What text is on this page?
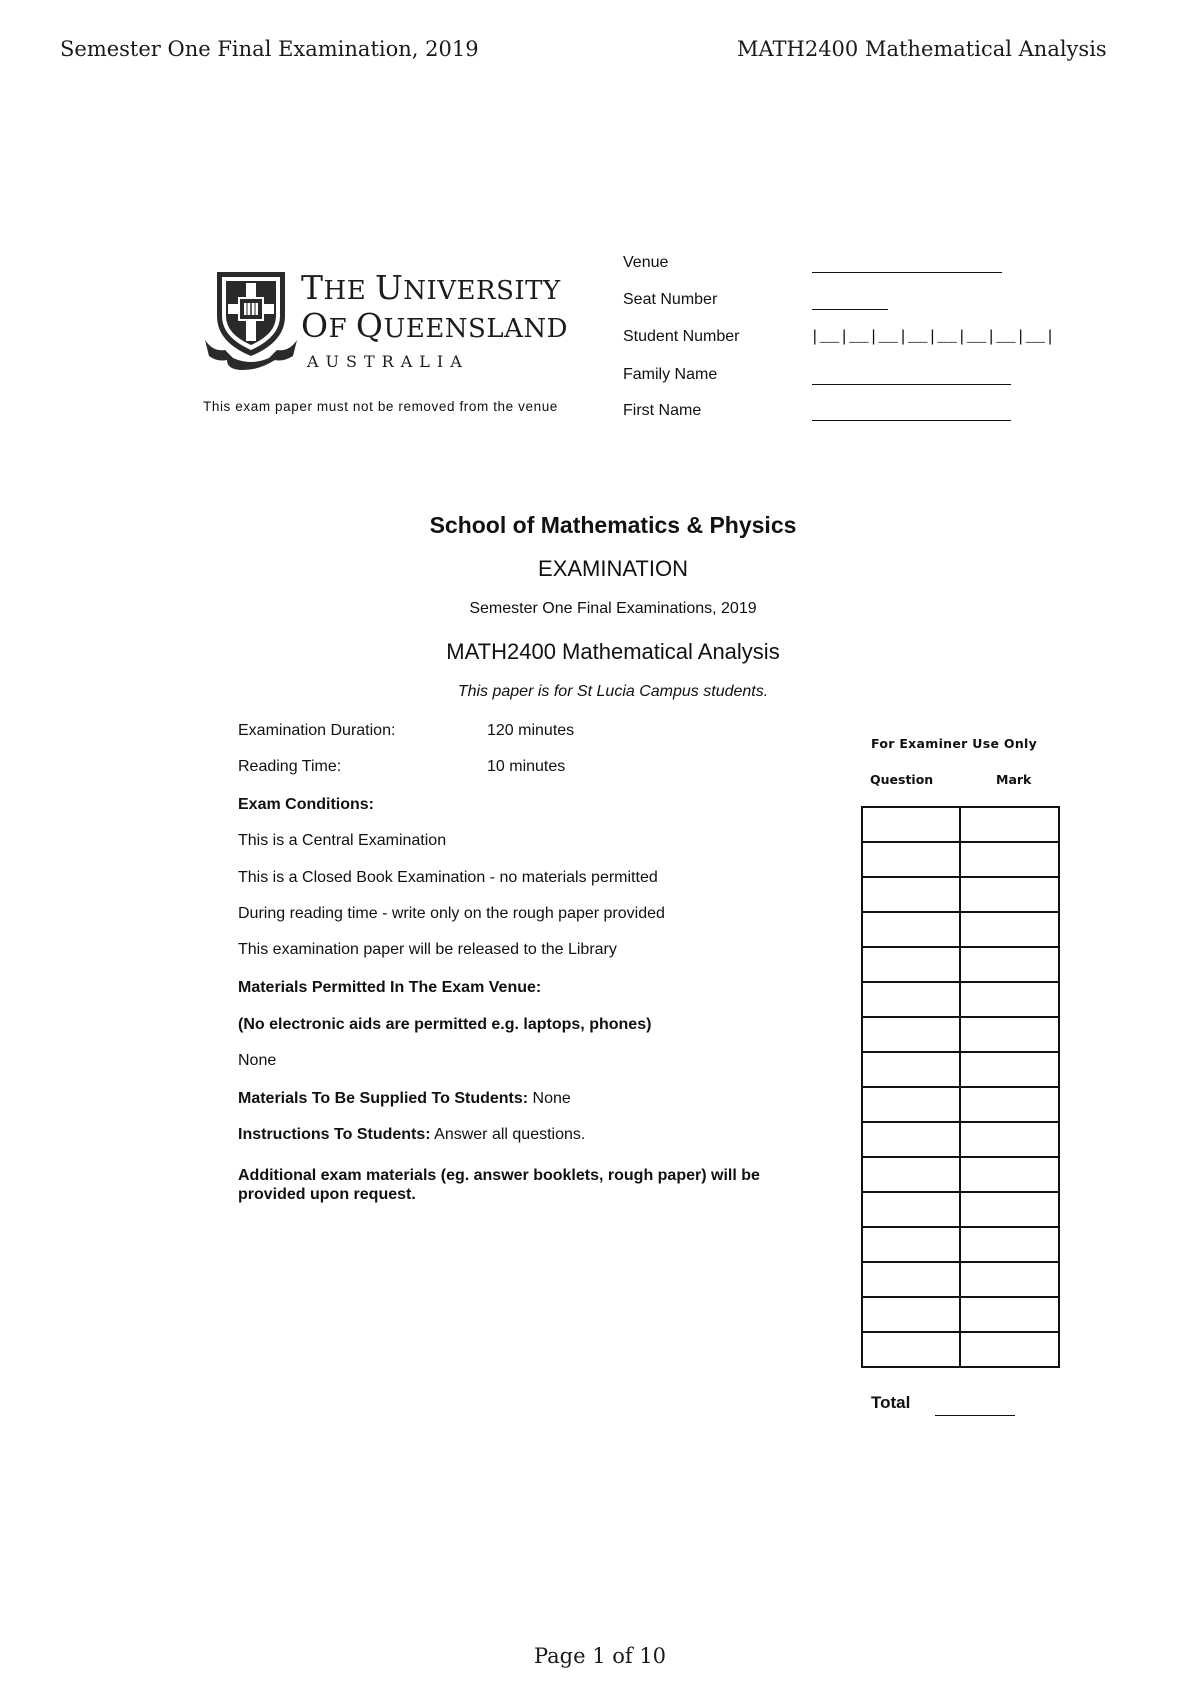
Semester One Final Examination, 2019	MATH2400 Mathematical Analysis
THE UNIVERSITY
OF QUEENSLAND
AUSTRALIA
This exam paper must not be removed from the venue
Venue
Seat Number
Student Number	|__|__|__|__|__|__|__|__|
Family Name
First Name
School of Mathematics & Physics
EXAMINATION
Semester One Final Examinations, 2019
MATH2400 Mathematical Analysis
This paper is for St Lucia Campus students.
Examination Duration:	120 minutes
Reading Time:	10 minutes
Exam Conditions:
This is a Central Examination
This is a Closed Book Examination - no materials permitted
During reading time - write only on the rough paper provided
This examination paper will be released to the Library
Materials Permitted In The Exam Venue:
(No electronic aids are permitted e.g. laptops, phones)
None
Materials To Be Supplied To Students: None
Instructions To Students: Answer all questions.
Additional exam materials (eg. answer booklets, rough paper) will be provided upon request.
For Examiner Use Only
Question	Mark

Total
Page 1 of 10
